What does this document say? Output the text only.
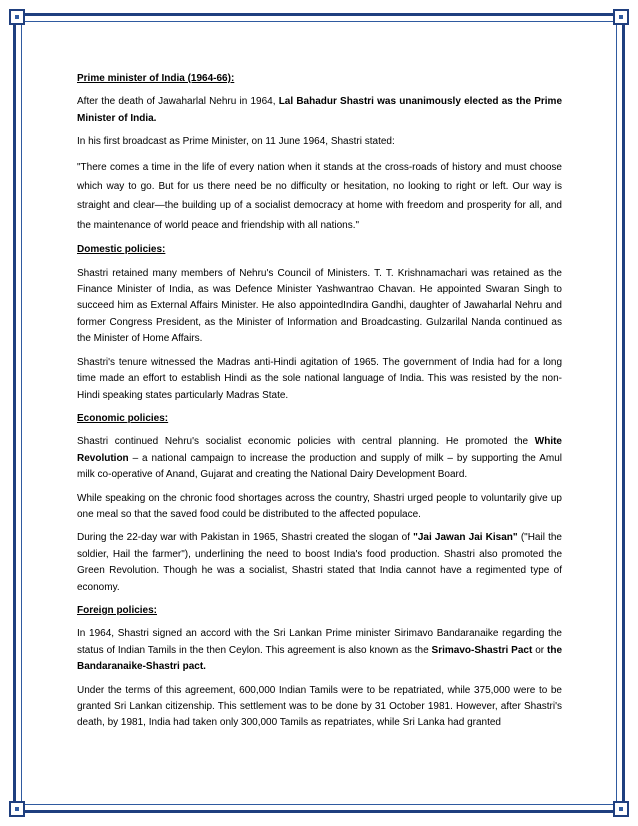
Prime minister of India (1964-66):

After the death of Jawaharlal Nehru in 1964, Lal Bahadur Shastri was unanimously elected as the Prime Minister of India.

In his first broadcast as Prime Minister, on 11 June 1964, Shastri stated:

"There comes a time in the life of every nation when it stands at the cross-roads of history and must choose which way to go. But for us there need be no difficulty or hesitation, no looking to right or left. Our way is straight and clear—the building up of a socialist democracy at home with freedom and prosperity for all, and the maintenance of world peace and friendship with all nations."

Domestic policies:

Shastri retained many members of Nehru's Council of Ministers. T. T. Krishnamachari was retained as the Finance Minister of India, as was Defence Minister Yashwantrao Chavan. He appointed Swaran Singh to succeed him as External Affairs Minister. He also appointedIndira Gandhi, daughter of Jawaharlal Nehru and former Congress President, as the Minister of Information and Broadcasting. Gulzarilal Nanda continued as the Minister of Home Affairs.

Shastri's tenure witnessed the Madras anti-Hindi agitation of 1965. The government of India had for a long time made an effort to establish Hindi as the sole national language of India. This was resisted by the non-Hindi speaking states particularly Madras State.

Economic policies:

Shastri continued Nehru's socialist economic policies with central planning. He promoted the White Revolution – a national campaign to increase the production and supply of milk – by supporting the Amul milk co-operative of Anand, Gujarat and creating the National Dairy Development Board.

While speaking on the chronic food shortages across the country, Shastri urged people to voluntarily give up one meal so that the saved food could be distributed to the affected populace.

During the 22-day war with Pakistan in 1965, Shastri created the slogan of "Jai Jawan Jai Kisan" ("Hail the soldier, Hail the farmer"), underlining the need to boost India's food production. Shastri also promoted the Green Revolution. Though he was a socialist, Shastri stated that India cannot have a regimented type of economy.

Foreign policies:

In 1964, Shastri signed an accord with the Sri Lankan Prime minister Sirimavo Bandaranaike regarding the status of Indian Tamils in the then Ceylon. This agreement is also known as the Srimavo-Shastri Pact or the Bandaranaike-Shastri pact.

Under the terms of this agreement, 600,000 Indian Tamils were to be repatriated, while 375,000 were to be granted Sri Lankan citizenship. This settlement was to be done by 31 October 1981. However, after Shastri's death, by 1981, India had taken only 300,000 Tamils as repatriates, while Sri Lanka had granted
